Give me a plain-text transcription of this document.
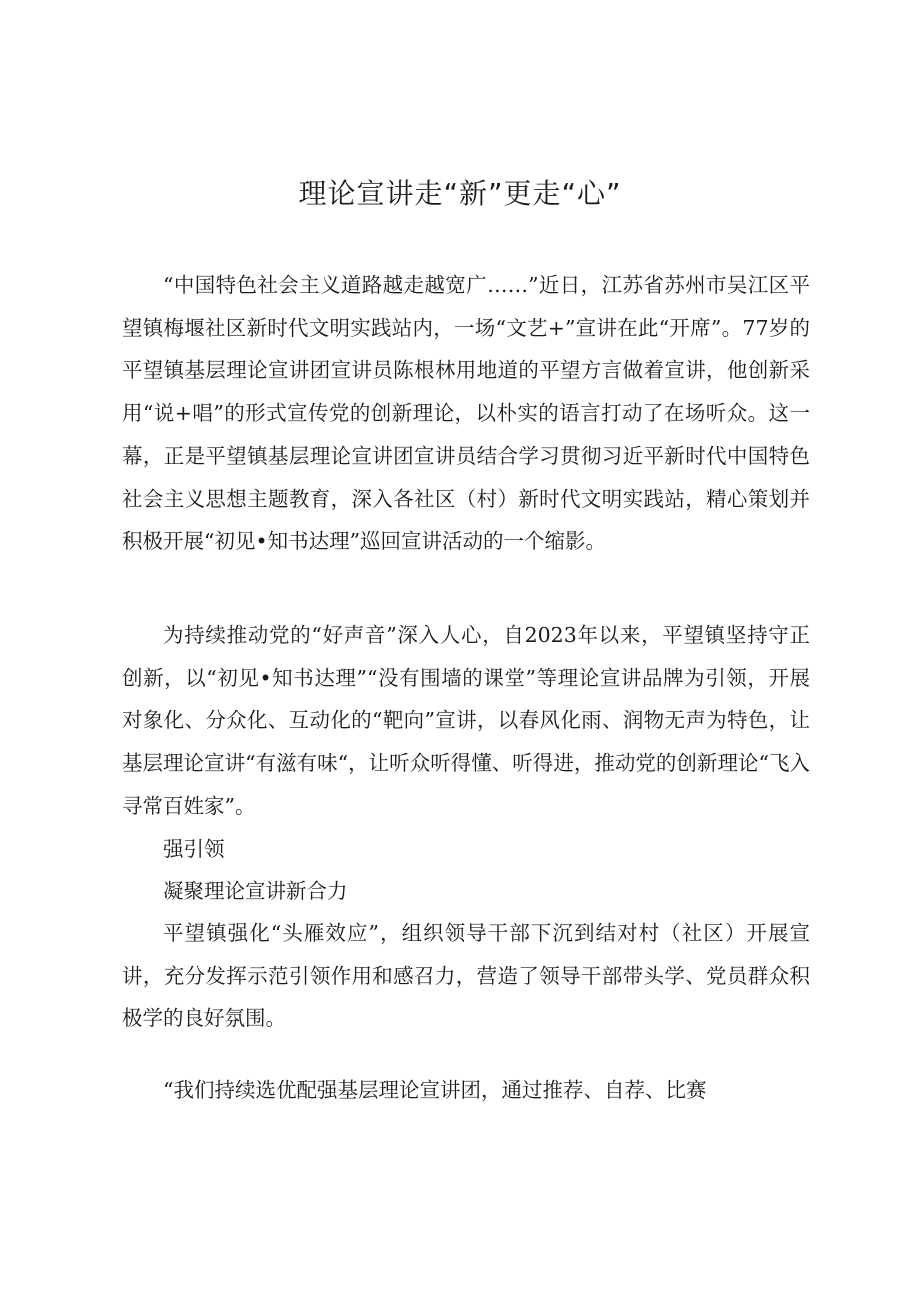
理论宣讲走“新”更走“心”

“中国特色社会主义道路越走越宽广……”近日，江苏省苏州市吴江区平望镇梅堰社区新时代文明实践站内，一场“文艺+”宣讲在此“开席”。77岁的平望镇基层理论宣讲团宣讲员陈根林用地道的平望方言做着宣讲，他创新采用“说+唱”的形式宣传党的创新理论，以朴实的语言打动了在场听众。这一幕，正是平望镇基层理论宣讲团宣讲员结合学习贯彻习近平新时代中国特色社会主义思想主题教育，深入各社区（村）新时代文明实践站，精心策划并积极开展“初见•知书达理”巡回宣讲活动的一个缩影。

为持续推动党的“好声音”深入人心，自2023年以来，平望镇坚持守正创新，以“初见•知书达理”“没有围墙的课堂”等理论宣讲品牌为引领，开展对象化、分众化、互动化的“靶向”宣讲，以春风化雨、润物无声为特色，让基层理论宣讲“有滋有味“，让听众听得懂、听得进，推动党的创新理论“飞入寻常百姓家”。

强引领

凝聚理论宣讲新合力

平望镇强化“头雁效应”，组织领导干部下沉到结对村（社区）开展宣讲，充分发挥示范引领作用和感召力，营造了领导干部带头学、党员群众积极学的良好氛围。

“我们持续选优配强基层理论宣讲团，通过推荐、自荐、比赛
